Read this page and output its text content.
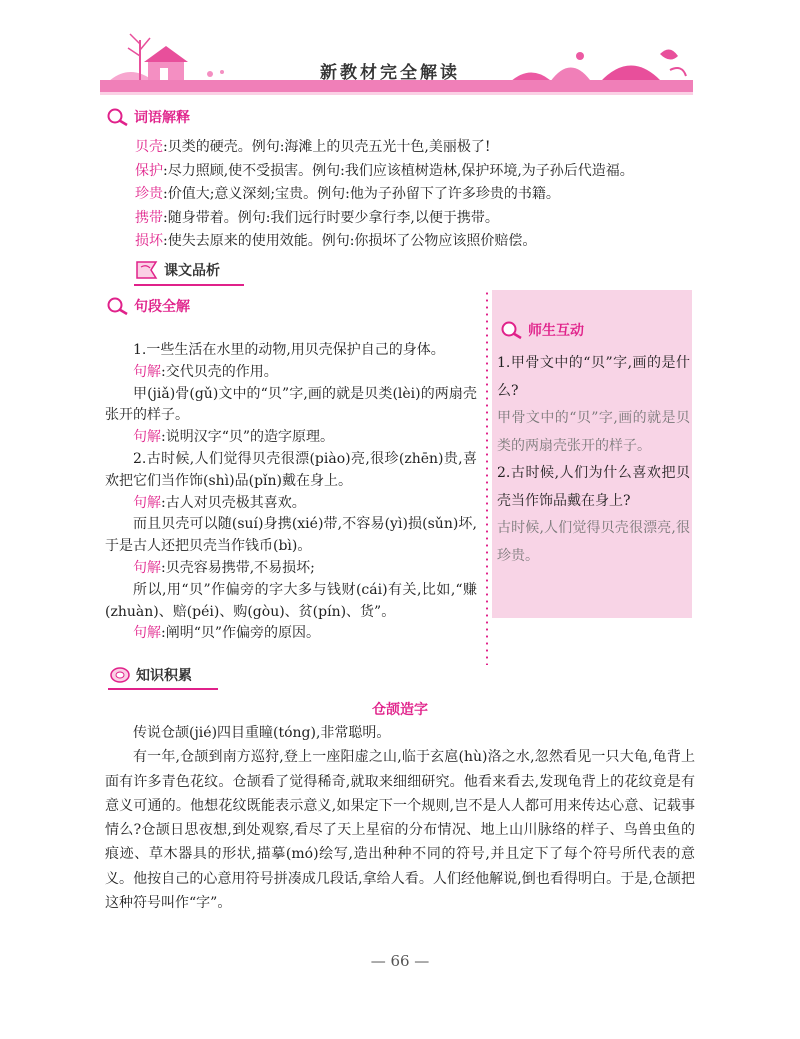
新教材完全解读
词语解释
贝壳:贝类的硬壳。例句:海滩上的贝壳五光十色,美丽极了!
保护:尽力照顾,使不受损害。例句:我们应该植树造林,保护环境,为子孙后代造福。
珍贵:价值大;意义深刻;宝贵。例句:他为子孙留下了许多珍贵的书籍。
携带:随身带着。例句:我们远行时要少拿行李,以便于携带。
损坏:使失去原来的使用效能。例句:你损坏了公物应该照价赔偿。
课文品析
句段全解

1.一些生活在水里的动物,用贝壳保护自己的身体。

句解:交代贝壳的作用。

甲(jiǎ)骨(gǔ)文中的“贝”字,画的就是贝类(lèi)的两扇壳张开的样子。

句解:说明汉字“贝”的造字原理。

2.古时候,人们觉得贝壳很漂(piào)亮,很珍(zhēn)贵,喜欢把它们当作饰(shì)品(pǐn)戴在身上。

句解:古人对贝壳极其喜欢。

而且贝壳可以随(suí)身携(xié)带,不容易(yì)损(sǔn)坏,于是古人还把贝壳当作钱币(bì)。

句解:贝壳容易携带,不易损坏;

所以,用“贝”作偏旁的字大多与钱财(cái)有关,比如,“赚(zhuàn)、赔(péi)、购(gòu)、贫(pín)、货”。

句解:阐明“贝”作偏旁的原因。

师生互动

1.甲骨文中的“贝”字,画的是什么?

甲骨文中的“贝”字,画的就是贝类的两扇壳张开的样子。

2.古时候,人们为什么喜欢把贝壳当作饰品戴在身上?

古时候,人们觉得贝壳很漂亮,很珍贵。

知识积累
仓颉造字

传说仓颉(jié)四目重瞳(tóng),非常聪明。

有一年,仓颉到南方巡狩,登上一座阳虚之山,临于玄扈(hù)洛之水,忽然看见一只大龟,龟背上面有许多青色花纹。仓颉看了觉得稀奇,就取来细细研究。他看来看去,发现龟背上的花纹竟是有意义可通的。他想花纹既能表示意义,如果定下一个规则,岂不是人人都可用来传达心意、记载事情么?仓颉日思夜想,到处观察,看尽了天上星宿的分布情况、地上山川脉络的样子、鸟兽虫鱼的痕迹、草木器具的形状,描摹(mó)绘写,造出种种不同的符号,并且定下了每个符号所代表的意义。他按自己的心意用符号拼凑成几段话,拿给人看。人们经他解说,倒也看得明白。于是,仓颉把这种符号叫作“字”。

— 66 —
